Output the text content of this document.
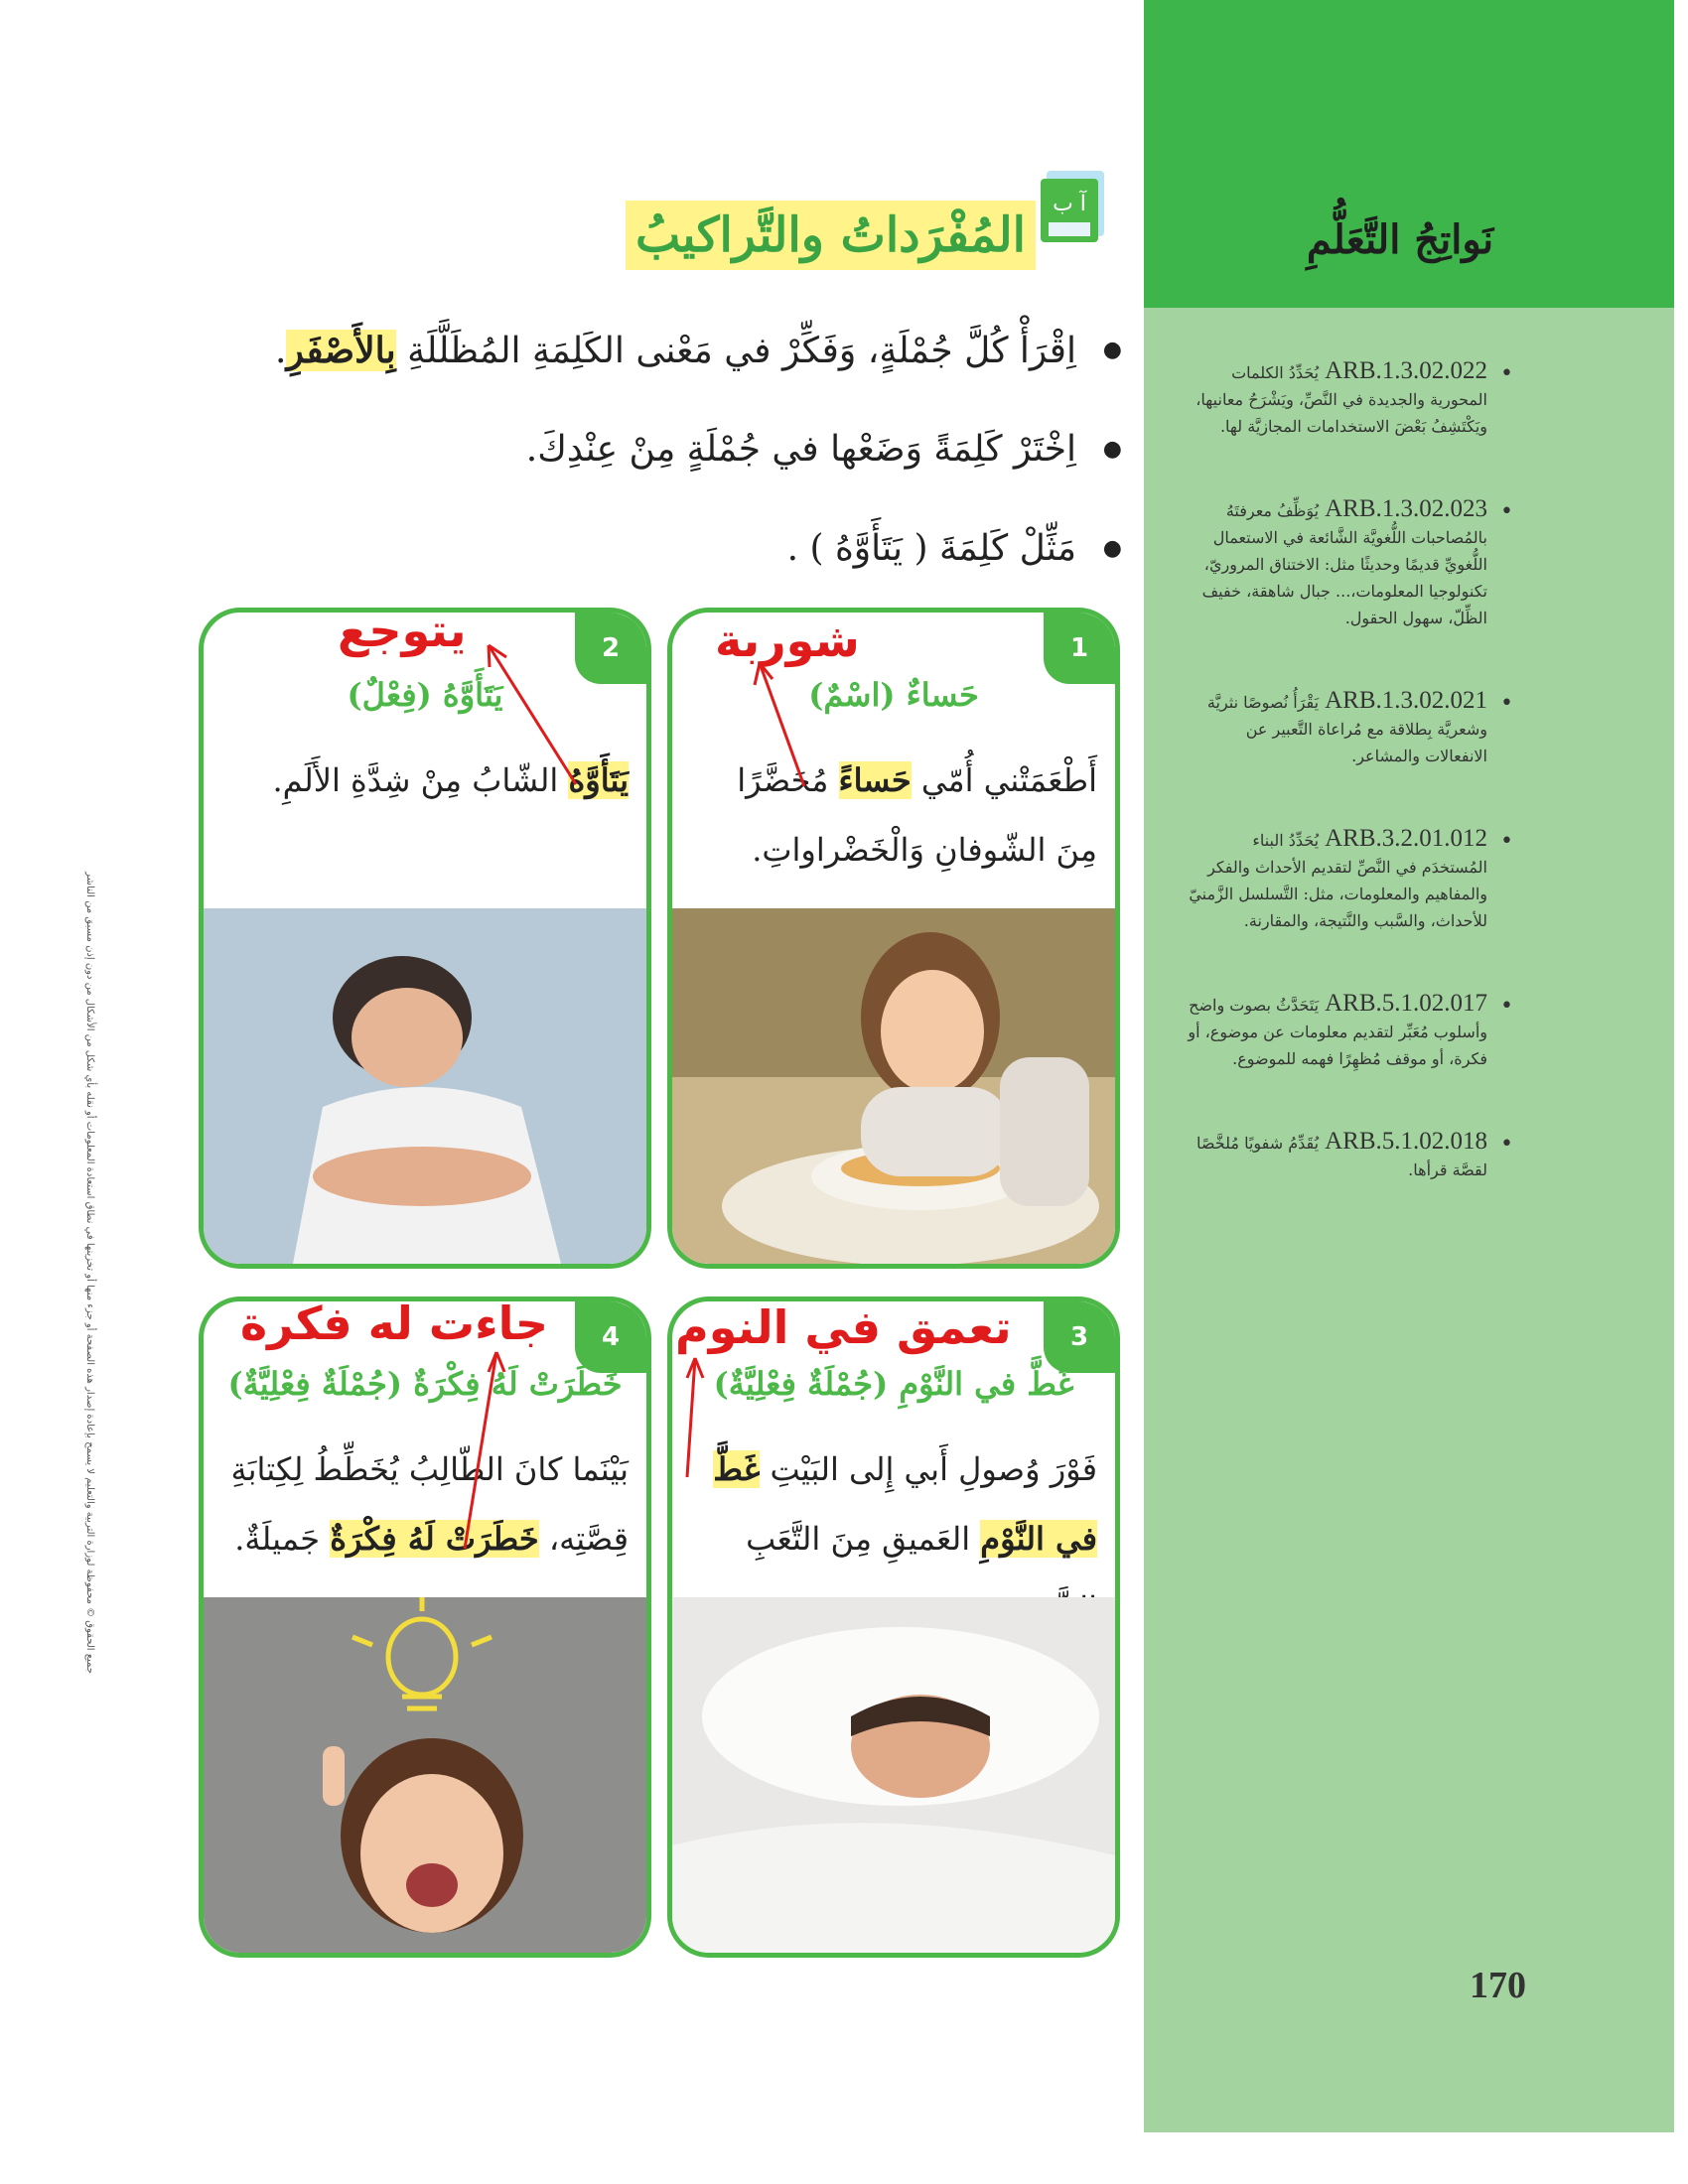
نَواتِجُ التَّعَلُّمِ
• ARB.1.3.02.022يُحَدِّدُ الكلمات المحورية والجديدة في النَّصِّ، ويَشْرَحُ معانيها، ويَكْتَشِفُ بَعْضَ الاستخدامات المجازيَّة لها.
• ARB.1.3.02.023يُوَظِّفُ معرفتَهُ بالمُصاحبات اللُّغويَّة الشَّائعة في الاستعمال اللُّغويِّ قديمًا وحديثًا مثل: الاختناق المروريّ، تكنولوجيا المعلومات،... جبال شاهقة، خفيف الظِّلّ، سهول الحقول.
• ARB.1.3.02.021يَقْرَأُ نُصوصًا نثريَّة وشعريَّة بِطلاقة مع مُراعاة التَّعبير عن الانفعالات والمشاعر.
• ARB.3.2.01.012يُحَدِّدُ البناء المُستخدَم في النَّصِّ لتقديم الأحداث والفكر والمفاهيم والمعلومات، مثل: التَّسلسل الزَّمنيّ للأحداث، والسَّبب والنَّتيجة، والمقارنة.
• ARB.5.1.02.017يَتَحَدَّثُ بصوت واضح وأسلوب مُعَبِّر لتقديم معلومات عن موضوع، أو فكرة، أو موقف مُظهِرًا فهمه للموضوع.
• ARB.5.1.02.018يُقَدِّمُ شفويًا مُلخَّصًا لقصَّة قرأها.
170
جميع الحقوق © محفوظة لوزارة التربية والتعليم لا يسمح بإعادة إصدار هذه الصفحة أو جزء منها أو تخزينها في نطاق استعادة المعلومات أو نقله بأي شكل من الأشكال من دون إذن مسبق من الناشر
آ ب
المُفْرَداتُ والتَّراكيبُ
● اِقْرَأْ كُلَّ جُمْلَةٍ، وَفَكِّرْ في مَعْنى الكَلِمَةِ المُظَلَّلَةِ بِالأَصْفَرِ.
● اِخْتَرْ كَلِمَةً وَضَعْها في جُمْلَةٍ مِنْ عِنْدِكَ.
● مَثِّلْ كَلِمَةَ ( يَتَأَوَّهُ ) .
1
حَساءٌ (اسْمٌ)
أَطْعَمَتْني أُمّي حَساءً مُحَضَّرًا مِنَ الشّوفانِ وَالْخَضْراواتِ.
2
يَتَأَوَّهُ (فِعْلٌ)
يَتَأَوَّهُ الشّابُ مِنْ شِدَّةِ الأَلَمِ.
3
غَطَّ في النَّوْمِ (جُمْلَةٌ فِعْلِيَّةٌ)
فَوْرَ وُصولِ أَبي إِلى البَيْتِ غَطَّ في النَّوْمِ العَميقِ مِنَ التَّعَبِ
4
خَطَرَتْ لَهُ فِكْرَةٌ (جُمْلَةٌ فِعْلِيَّةٌ)
بَيْنَما كانَ الطّالِبُ يُخَطِّطُ لِكِتابَةِ قِصَّتِه، خَطَرَتْ لَهُ فِكْرَةٌ جَميلَةٌ.
شوربة
يتوجع
تعمق في النوم
جاءت له فكرة
